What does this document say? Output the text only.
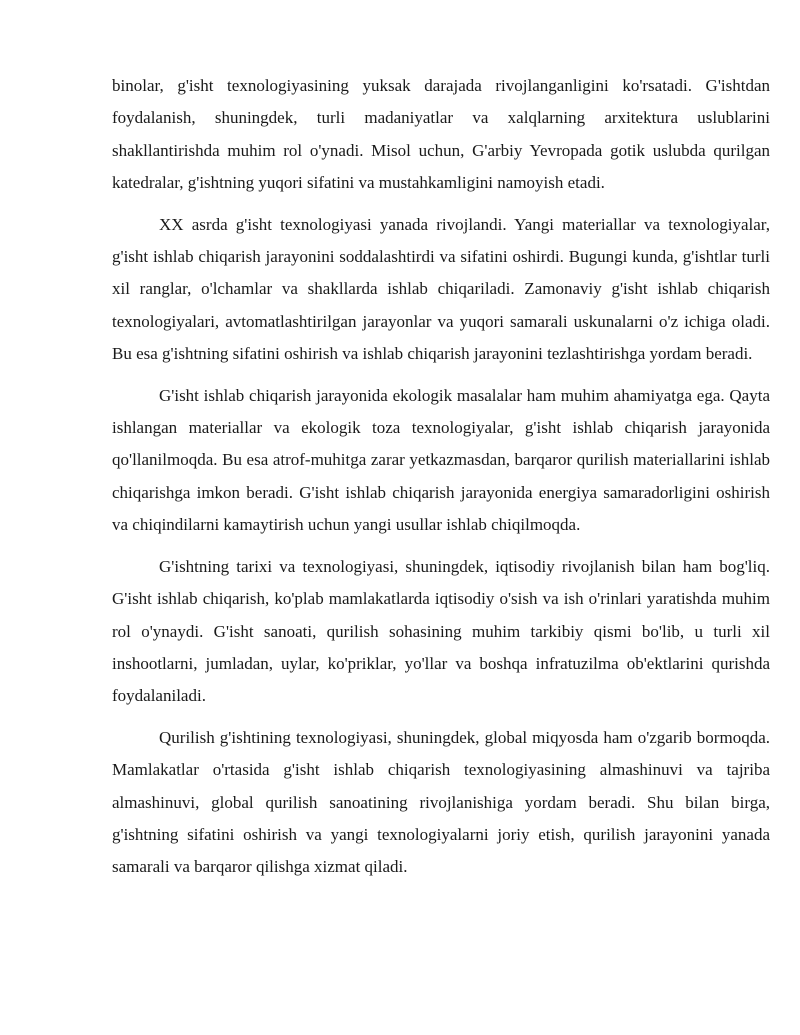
binolar, g'isht texnologiyasining yuksak darajada rivojlanganligini ko'rsatadi. G'ishtdan foydalanish, shuningdek, turli madaniyatlar va xalqlarning arxitektura uslublarini shakllantirishda muhim rol o'ynadi. Misol uchun, G'arbiy Yevropada gotik uslubda qurilgan katedralar, g'ishtning yuqori sifatini va mustahkamligini namoyish etadi.

XX asrda g'isht texnologiyasi yanada rivojlandi. Yangi materiallar va texnologiyalar, g'isht ishlab chiqarish jarayonini soddalashtirdi va sifatini oshirdi. Bugungi kunda, g'ishtlar turli xil ranglar, o'lchamlar va shakllarda ishlab chiqariladi. Zamonaviy g'isht ishlab chiqarish texnologiyalari, avtomatlashtirilgan jarayonlar va yuqori samarali uskunalarni o'z ichiga oladi. Bu esa g'ishtning sifatini oshirish va ishlab chiqarish jarayonini tezlashtirishga yordam beradi.

G'isht ishlab chiqarish jarayonida ekologik masalalar ham muhim ahamiyatga ega. Qayta ishlangan materiallar va ekologik toza texnologiyalar, g'isht ishlab chiqarish jarayonida qo'llanilmoqda. Bu esa atrof-muhitga zarar yetkazmasdan, barqaror qurilish materiallarini ishlab chiqarishga imkon beradi. G'isht ishlab chiqarish jarayonida energiya samaradorligini oshirish va chiqindilarni kamaytirish uchun yangi usullar ishlab chiqilmoqda.

G'ishtning tarixi va texnologiyasi, shuningdek, iqtisodiy rivojlanish bilan ham bog'liq. G'isht ishlab chiqarish, ko'plab mamlakatlarda iqtisodiy o'sish va ish o'rinlari yaratishda muhim rol o'ynaydi. G'isht sanoati, qurilish sohasining muhim tarkibiy qismi bo'lib, u turli xil inshootlarni, jumladan, uylar, ko'priklar, yo'llar va boshqa infratuzilma ob'ektlarini qurishda foydalaniladi.

Qurilish g'ishtining texnologiyasi, shuningdek, global miqyosda ham o'zgarib bormoqda. Mamlakatlar o'rtasida g'isht ishlab chiqarish texnologiyasining almashinuvi va tajriba almashinuvi, global qurilish sanoatining rivojlanishiga yordam beradi. Shu bilan birga, g'ishtning sifatini oshirish va yangi texnologiyalarni joriy etish, qurilish jarayonini yanada samarali va barqaror qilishga xizmat qiladi.
